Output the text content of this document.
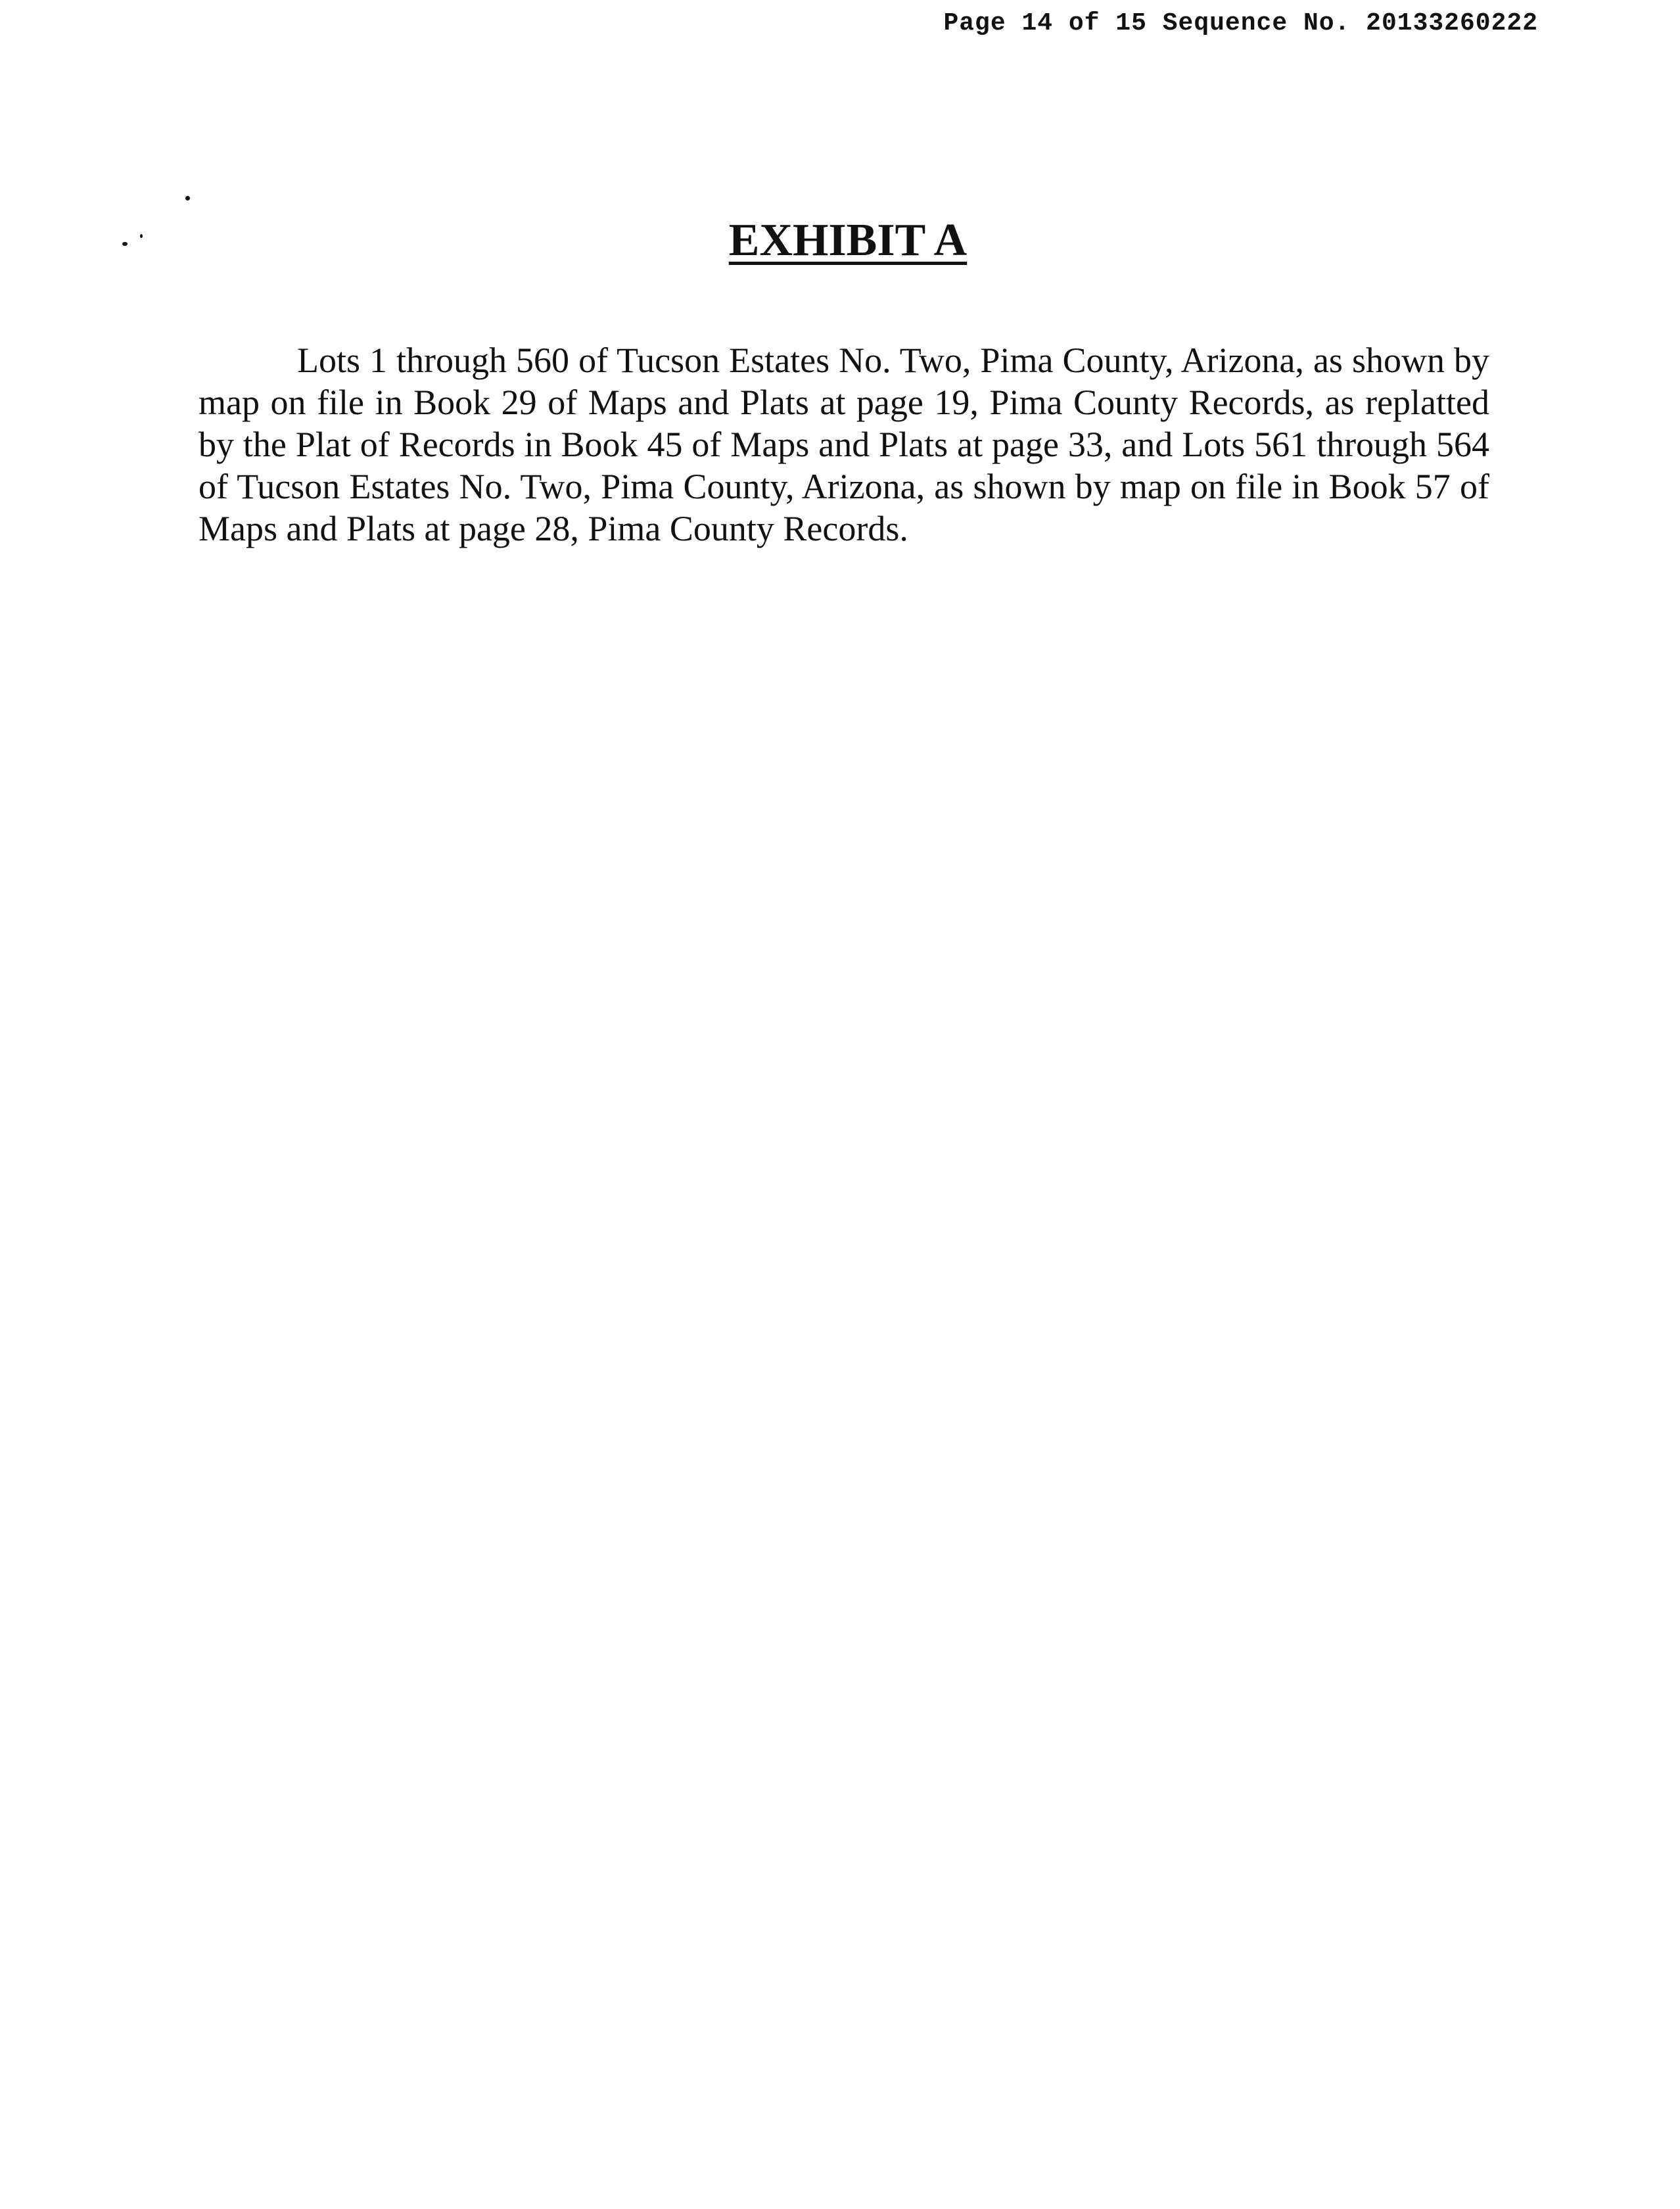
Page 14 of 15 Sequence No. 20133260222
EXHIBIT A

Lots 1 through 560 of Tucson Estates No. Two, Pima County, Arizona, as shown by map on file in Book 29 of Maps and Plats at page 19, Pima County Records, as replatted by the Plat of Records in Book 45 of Maps and Plats at page 33, and Lots 561 through 564 of Tucson Estates No. Two, Pima County, Arizona, as shown by map on file in Book 57 of Maps and Plats at page 28, Pima County Records.
